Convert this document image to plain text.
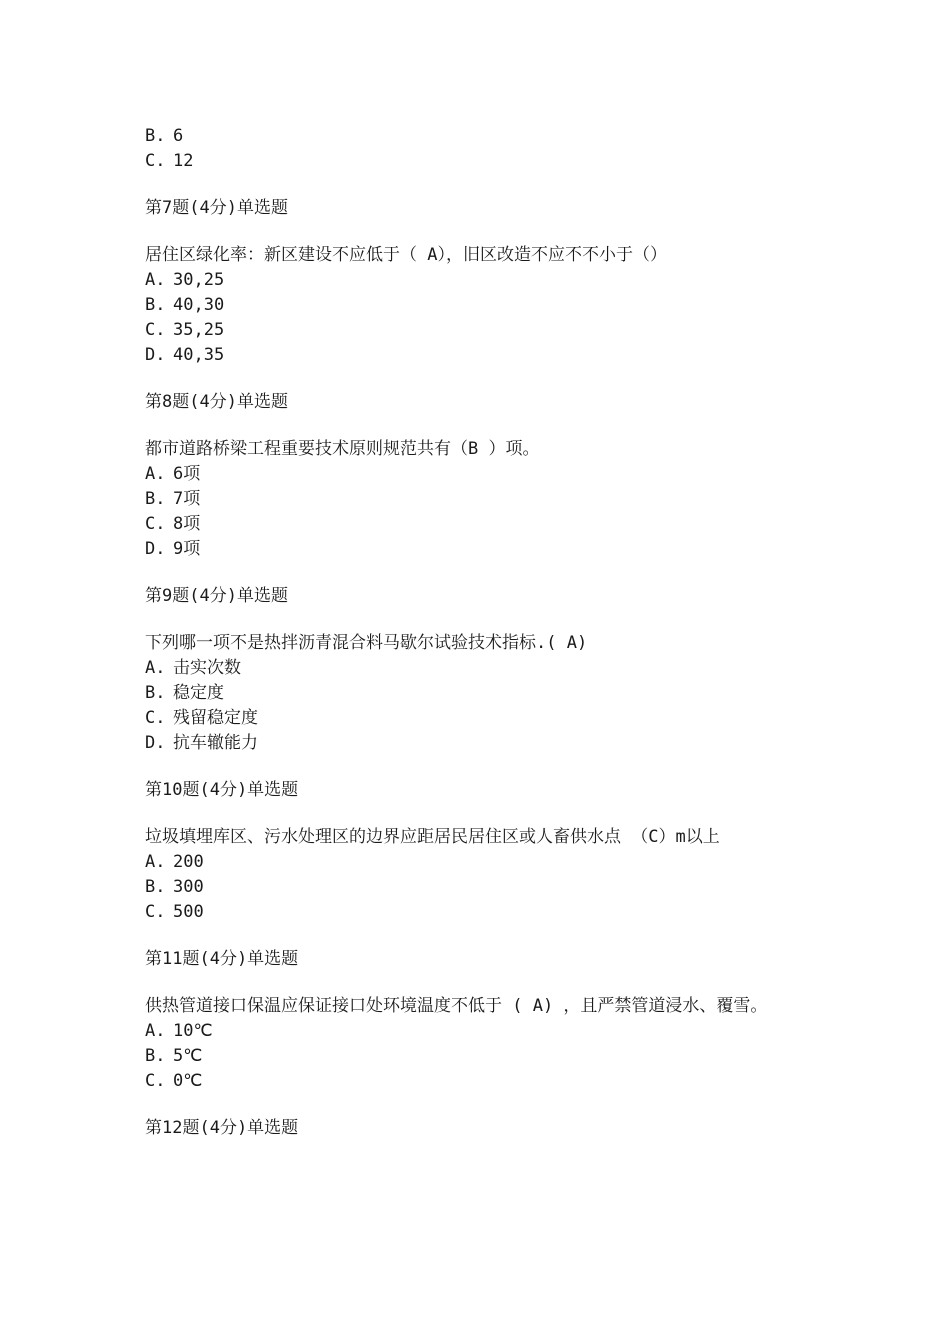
B. 6
C. 12
第7题(4分)单选题
居住区绿化率：新区建设不应低于（ A），旧区改造不应不不小于（）
A. 30,25
B. 40,30
C. 35,25
D. 40,35
第8题(4分)单选题
都市道路桥梁工程重要技术原则规范共有（B ）项。
A. 6项
B. 7项
C. 8项
D. 9项
第9题(4分)单选题
下列哪一项不是热拌沥青混合料马歇尔试验技术指标.( A)
A. 击实次数
B. 稳定度
C. 残留稳定度
D. 抗车辙能力
第10题(4分)单选题
垃圾填埋库区、污水处理区的边界应距居民居住区或人畜供水点 （C）m以上
A. 200
B. 300
C. 500
第11题(4分)单选题
供热管道接口保温应保证接口处环境温度不低于 ( A) ，且严禁管道浸水、覆雪。
A. 10℃
B. 5℃
C. 0℃
第12题(4分)单选题
